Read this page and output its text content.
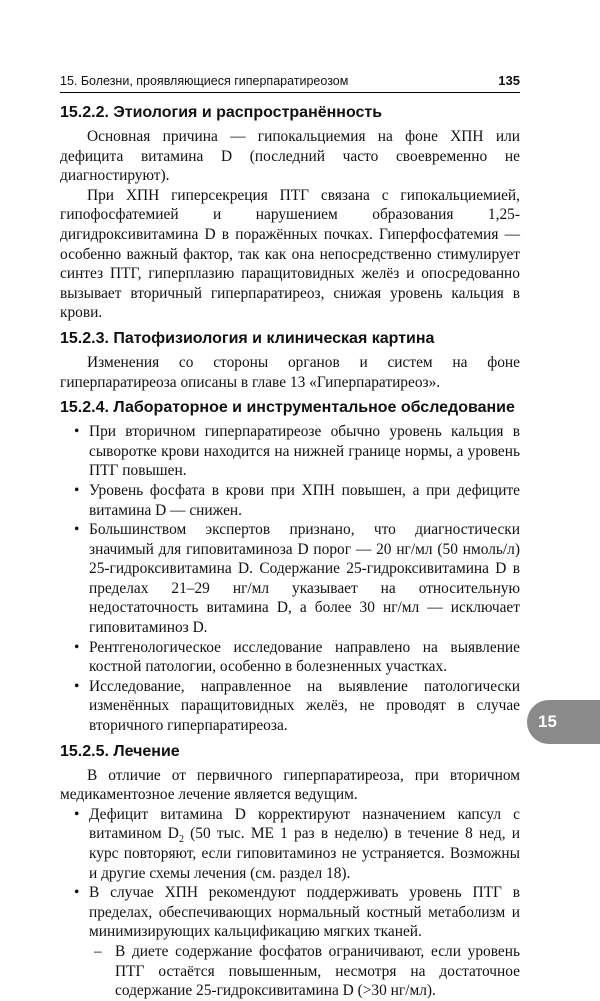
15. Болезни, проявляющиеся гиперпаратиреозом	135
15.2.2. Этиология и распространённость

Основная причина — гипокальциемия на фоне ХПН или дефицита витамина D (последний часто своевременно не диагностируют).

При ХПН гиперсекреция ПТГ связана с гипокальциемией, гипофосфатемией и нарушением образования 1,25-дигидроксивитамина D в поражённых почках. Гиперфосфатемия — особенно важный фактор, так как она непосредственно стимулирует синтез ПТГ, гиперплазию паращитовидных желёз и опосредованно вызывает вторичный гиперпаратиреоз, снижая уровень кальция в крови.

15.2.3. Патофизиология и клиническая картина

Изменения со стороны органов и систем на фоне гиперпаратиреоза описаны в главе 13 «Гиперпаратиреоз».

15.2.4. Лабораторное и инструментальное обследование
• При вторичном гиперпаратиреозе обычно уровень кальция в сыворотке крови находится на нижней границе нормы, а уровень ПТГ повышен.
• Уровень фосфата в крови при ХПН повышен, а при дефиците витамина D — снижен.
• Большинством экспертов признано, что диагностически значимый для гиповитаминоза D порог — 20 нг/мл (50 нмоль/л) 25-гидроксивитамина D. Содержание 25-гидроксивитамина D в пределах 21–29 нг/мл указывает на относительную недостаточность витамина D, а более 30 нг/мл — исключает гиповитаминоз D.
• Рентгенологическое исследование направлено на выявление костной патологии, особенно в болезненных участках.
• Исследование, направленное на выявление патологически изменённых паращитовидных желёз, не проводят в случае вторичного гиперпаратиреоза.
15.2.5. Лечение

В отличие от первичного гиперпаратиреоза, при вторичном медикаментозное лечение является ведущим.

• Дефицит витамина D корректируют назначением капсул с витамином $D_2$ (50 тыс. МЕ 1 раз в неделю) в течение 8 нед, и курс повторяют, если гиповитаминоз не устраняется. Возможны и другие схемы лечения (см. раздел 18).
• В случае ХПН рекомендуют поддерживать уровень ПТГ в пределах, обеспечивающих нормальный костный метаболизм и минимизирующих кальцификацию мягких тканей.
– В диете содержание фосфатов ограничивают, если уровень ПТГ остаётся повышенным, несмотря на достаточное содержание 25-гидроксивитамина D (>30 нг/мл).
15
